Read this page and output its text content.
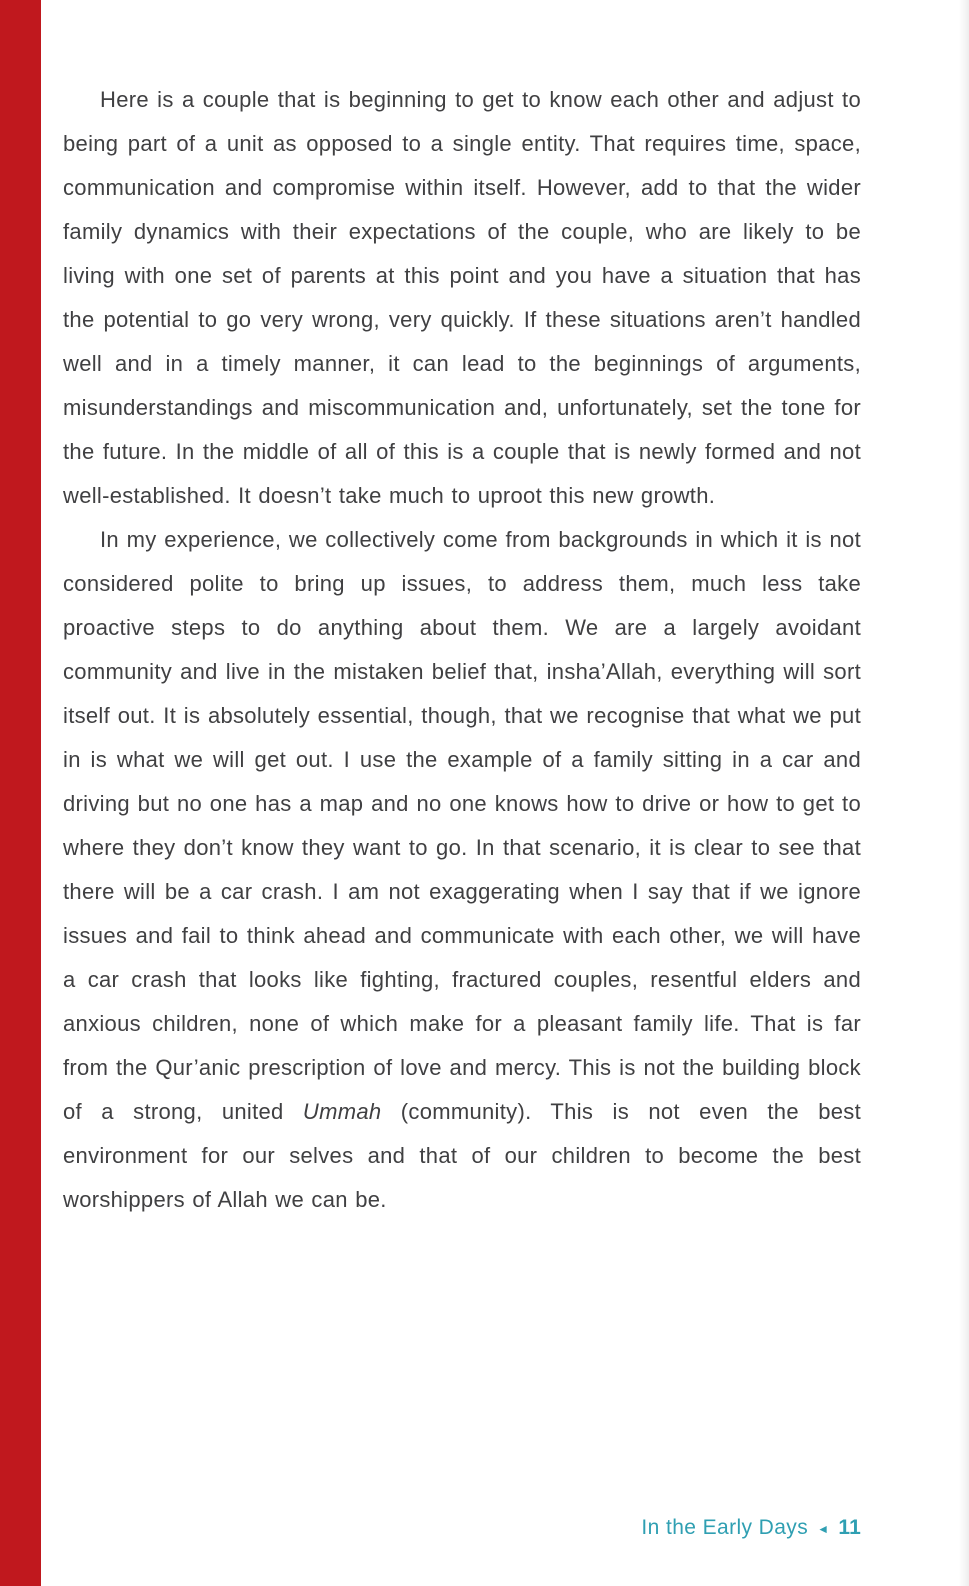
Here is a couple that is beginning to get to know each other and adjust to being part of a unit as opposed to a single entity. That requires time, space, communication and compromise within itself. However, add to that the wider family dynamics with their expectations of the couple, who are likely to be living with one set of parents at this point and you have a situation that has the potential to go very wrong, very quickly. If these situations aren’t handled well and in a timely manner, it can lead to the beginnings of arguments, misunderstandings and miscommunication and, unfortunately, set the tone for the future. In the middle of all of this is a couple that is newly formed and not well-established. It doesn’t take much to uproot this new growth.

In my experience, we collectively come from backgrounds in which it is not considered polite to bring up issues, to address them, much less take proactive steps to do anything about them. We are a largely avoidant community and live in the mistaken belief that, insha’Allah, everything will sort itself out. It is absolutely essential, though, that we recognise that what we put in is what we will get out. I use the example of a family sitting in a car and driving but no one has a map and no one knows how to drive or how to get to where they don’t know they want to go. In that scenario, it is clear to see that there will be a car crash. I am not exaggerating when I say that if we ignore issues and fail to think ahead and communicate with each other, we will have a car crash that looks like fighting, fractured couples, resentful elders and anxious children, none of which make for a pleasant family life. That is far from the Qur’anic prescription of love and mercy. This is not the building block of a strong, united Ummah (community). This is not even the best environment for our selves and that of our children to become the best worshippers of Allah we can be.

In the Early Days ◄ 11
